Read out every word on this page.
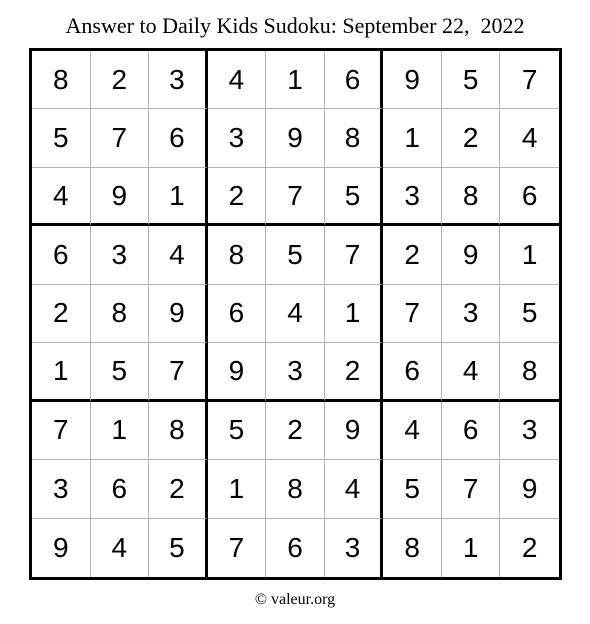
Answer to Daily Kids Sudoku: September 22,  2022
8	2	3	4	1	6	9	5	7
5	7	6	3	9	8	1	2	4
4	9	1	2	7	5	3	8	6
6	3	4	8	5	7	2	9	1
2	8	9	6	4	1	7	3	5
1	5	7	9	3	2	6	4	8
7	1	8	5	2	9	4	6	3
3	6	2	1	8	4	5	7	9
9	4	5	7	6	3	8	1	2
© valeur.org
